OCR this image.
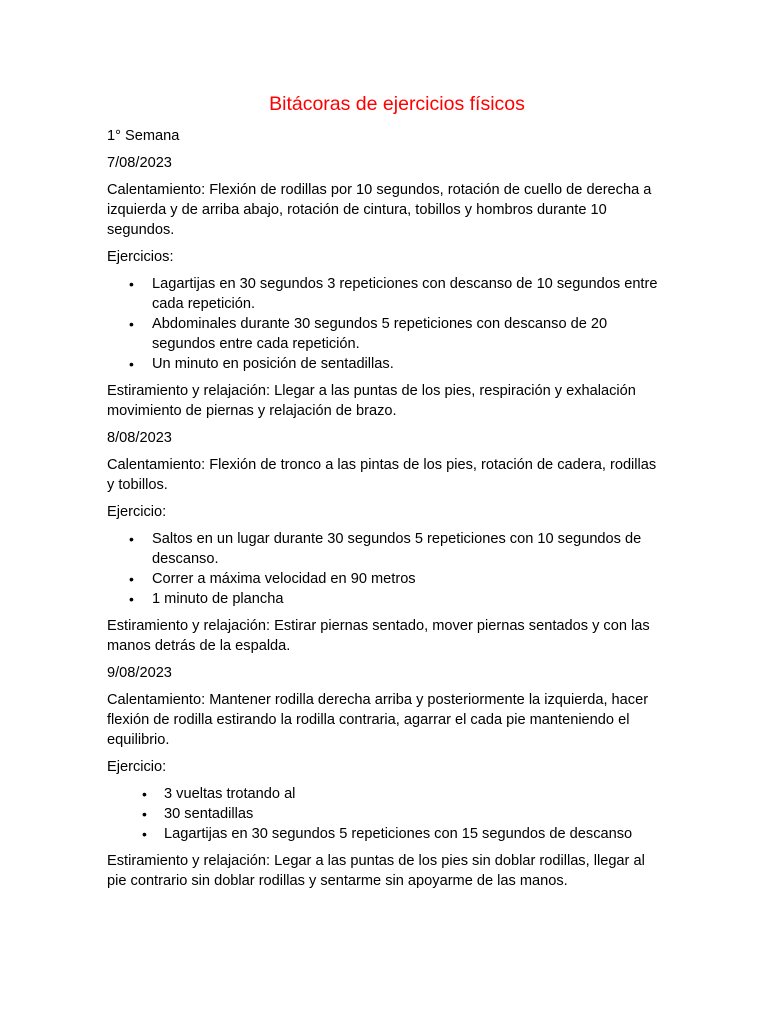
Bitácoras de ejercicios físicos
1° Semana
7/08/2023
Calentamiento: Flexión de rodillas por 10 segundos, rotación de cuello de derecha a izquierda y de arriba abajo, rotación de cintura, tobillos y hombros durante 10 segundos.
Ejercicios:
• Lagartijas en 30 segundos 3 repeticiones con descanso de 10 segundos entre cada repetición.
• Abdominales durante 30 segundos 5 repeticiones con descanso de 20 segundos entre cada repetición.
• Un minuto en posición de sentadillas.
Estiramiento y relajación: Llegar a las puntas de los pies, respiración y exhalación movimiento de piernas y relajación de brazo.
8/08/2023
Calentamiento: Flexión de tronco a las pintas de los pies, rotación de cadera, rodillas y tobillos.
Ejercicio:
• Saltos en un lugar durante 30 segundos 5 repeticiones con 10 segundos de descanso.
• Correr a máxima velocidad en 90 metros
• 1 minuto de plancha
Estiramiento y relajación: Estirar piernas sentado, mover piernas sentados y con las manos detrás de la espalda.
9/08/2023
Calentamiento: Mantener rodilla derecha arriba y posteriormente la izquierda, hacer flexión de rodilla estirando la rodilla contraria, agarrar el cada pie manteniendo el equilibrio.
Ejercicio:
• 3 vueltas trotando al
• 30 sentadillas
• Lagartijas en 30 segundos 5 repeticiones con 15 segundos de descanso
Estiramiento y relajación: Legar a las puntas de los pies sin doblar rodillas, llegar al pie contrario sin doblar rodillas y sentarme sin apoyarme de las manos.
